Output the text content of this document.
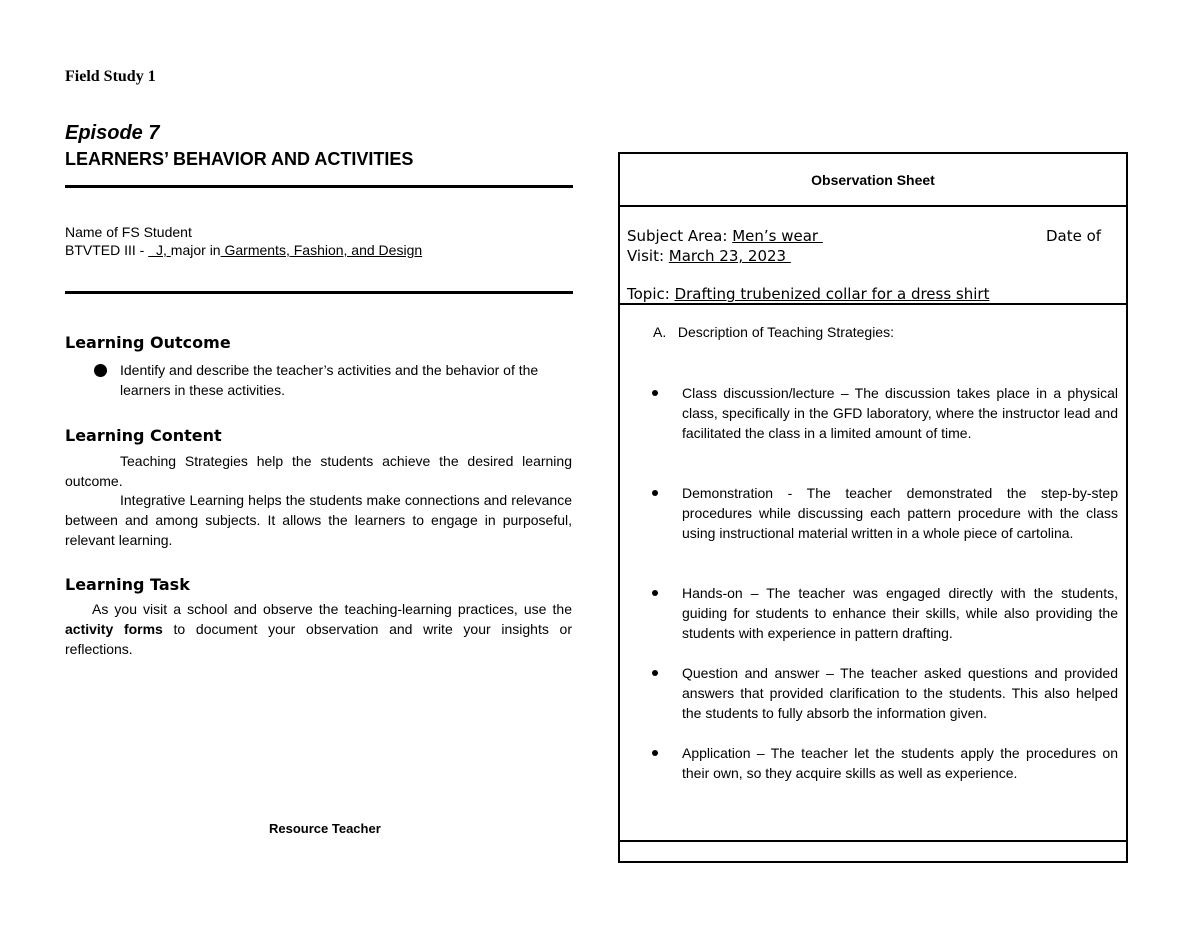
Field Study 1
Episode 7
LEARNERS’ BEHAVIOR AND ACTIVITIES
Name of FS Student
BTVTED III -   J, major in Garments, Fashion, and Design
Learning Outcome
Identify and describe the teacher’s activities and the behavior of the learners in these activities.
Learning Content
Teaching Strategies help the students achieve the desired learning outcome.
Integrative Learning helps the students make connections and relevance between and among subjects. It allows the learners to engage in purposeful, relevant learning.
Learning Task
As you visit a school and observe the teaching-learning practices, use the activity forms to document your observation and write your insights or reflections.
Resource Teacher
Observation Sheet
Subject Area: Men’s wear	Date of
Visit: March 23, 2023
Topic: Drafting trubenized collar for a dress shirt
A.   Description of Teaching Strategies:
Class discussion/lecture – The discussion takes place in a physical class, specifically in the GFD laboratory, where the instructor lead and facilitated the class in a limited amount of time.
Demonstration - The teacher demonstrated the step-by-step procedures while discussing each pattern procedure with the class using instructional material written in a whole piece of cartolina.
Hands-on – The teacher was engaged directly with the students, guiding for students to enhance their skills, while also providing the students with experience in pattern drafting.
Question and answer – The teacher asked questions and provided answers that provided clarification to the students. This also helped the students to fully absorb the information given.
Application – The teacher let the students apply the procedures on their own, so they acquire skills as well as experience.
